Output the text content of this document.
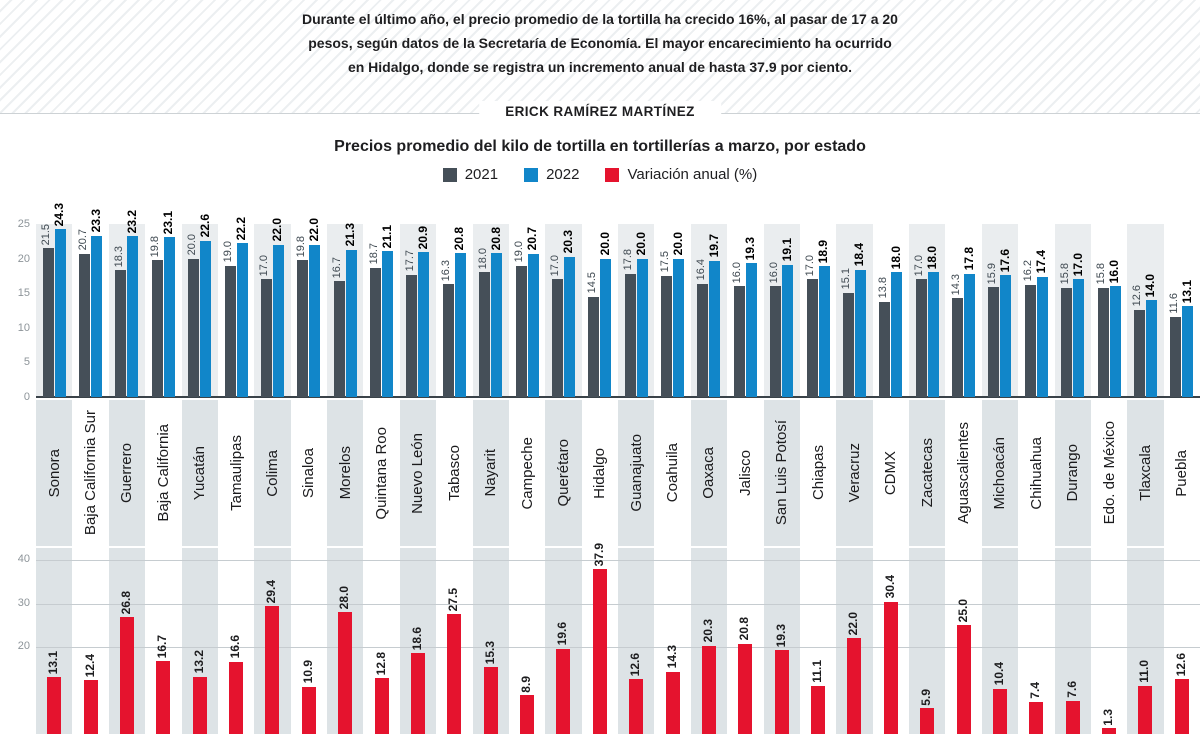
Durante el último año, el precio promedio de la tortilla ha crecido 16%, al pasar de 17 a 20
pesos, según datos de la Secretaría de Economía. El mayor encarecimiento ha ocurrido
en Hidalgo, donde se registra un incremento anual de hasta 37.9 por ciento.
ERICK RAMÍREZ MARTÍNEZ
Precios promedio del kilo de tortilla en tortillerías a marzo, por estado
2021	2022	Variación anual (%)
25
20
15
10
5
0
21.5
24.3
20.7
23.3
18.3
23.2
19.8
23.1
20.0
22.6
19.0
22.2
17.0
22.0
19.8
22.0
16.7
21.3
18.7
21.1
17.7
20.9
16.3
20.8
18.0
20.8
19.0
20.7
17.0
20.3
14.5
20.0
17.8
20.0
17.5
20.0
16.4
19.7
16.0
19.3
16.0
19.1
17.0
18.9
15.1
18.4
13.8
18.0 17.0 18.0
14.3
17.8
15.9
17.6 16.2 17.4
15.8 17.0 15.8 16.0
12.6 14.0
11.6
13.1
Sonora Baja California Sur Guerrero Baja California Yucatán Tamaulipas Colima Sinaloa Morelos Quintana Roo Nuevo León Tabasco Nayarit Campeche Querétaro Hidalgo Guanajuato Coahuila Oaxaca Jalisco San Luis Potosí Chiapas Veracruz CDMX Zacatecas Aguascalientes Michoacán Chihuahua Durango Edo. de México Tlaxcala Puebla
40
30
20
13.1 12.4
26.8
16.7
13.2
16.6
29.4
10.9
28.0
12.8
18.6
27.5
15.3
8.9
19.6
37.9
12.6 14.3
20.3 20.8 19.3
11.1
22.0
30.4
5.9
25.0
10.4
7.4 7.6
1.3
11.0 12.6
